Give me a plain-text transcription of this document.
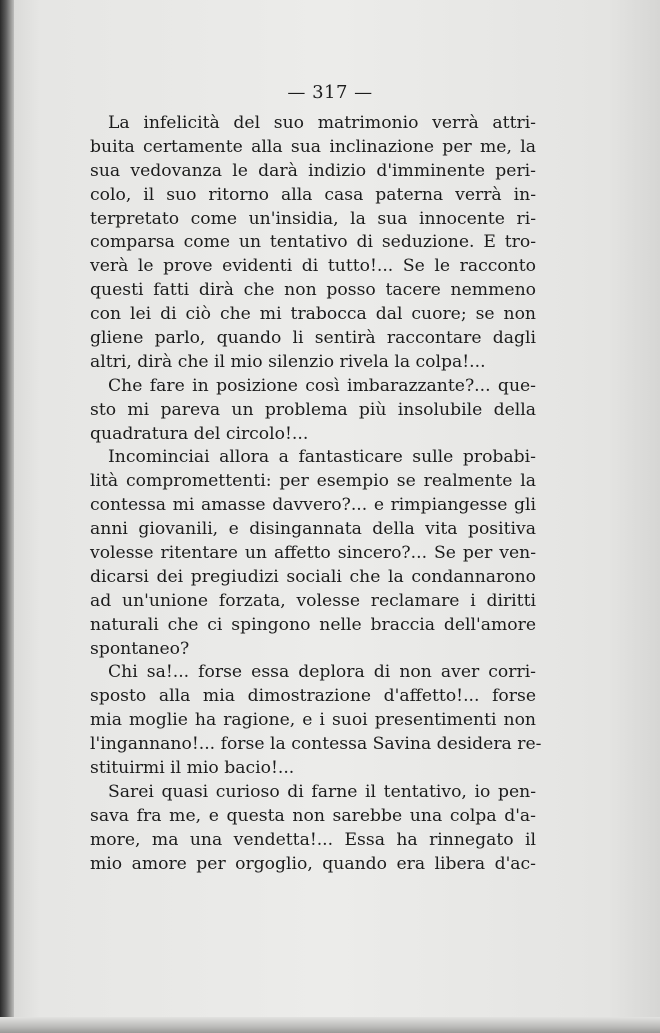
— 317 —
La infelicità del suo matrimonio verrà attri-
buita certamente alla sua inclinazione per me, la
sua vedovanza le darà indizio d'imminente peri-
colo, il suo ritorno alla casa paterna verrà in-
terpretato come un'insidia, la sua innocente ri-
comparsa come un tentativo di seduzione. E tro-
verà le prove evidenti di tutto!... Se le racconto
questi fatti dirà che non posso tacere nemmeno
con lei di ciò che mi trabocca dal cuore; se non
gliene parlo, quando li sentirà raccontare dagli
altri, dirà che il mio silenzio rivela la colpa!...
Che fare in posizione così imbarazzante?... que-
sto mi pareva un problema più insolubile della
quadratura del circolo!...
Incominciai allora a fantasticare sulle probabi-
lità compromettenti: per esempio se realmente la
contessa mi amasse davvero?... e rimpiangesse gli
anni giovanili, e disingannata della vita positiva
volesse ritentare un affetto sincero?... Se per ven-
dicarsi dei pregiudizi sociali che la condannarono
ad un'unione forzata, volesse reclamare i diritti
naturali che ci spingono nelle braccia dell'amore
spontaneo?
Chi sa!... forse essa deplora di non aver corri-
sposto alla mia dimostrazione d'affetto!... forse
mia moglie ha ragione, e i suoi presentimenti non
l'ingannano!... forse la contessa Savina desidera re-
stituirmi il mio bacio!...
Sarei quasi curioso di farne il tentativo, io pen-
sava fra me, e questa non sarebbe una colpa d'a-
more, ma una vendetta!... Essa ha rinnegato il
mio amore per orgoglio, quando era libera d'ac-
